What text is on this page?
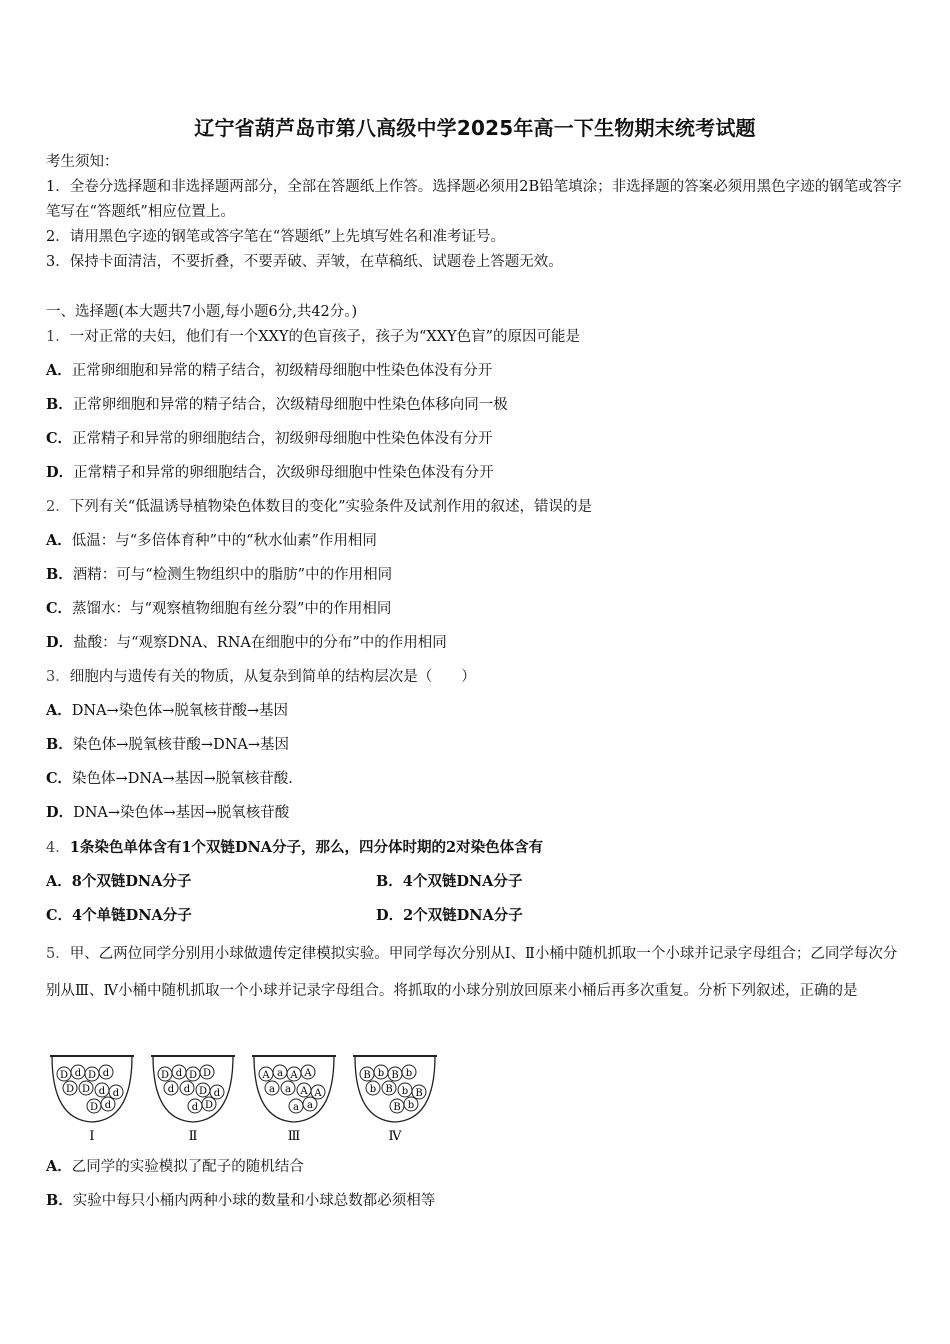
辽宁省葫芦岛市第八高级中学2025年高一下生物期末统考试题
考生须知：
1．全卷分选择题和非选择题两部分，全部在答题纸上作答。选择题必须用2B铅笔填涂；非选择题的答案必须用黑色字迹的钢笔或答字笔写在“答题纸”相应位置上。
2．请用黑色字迹的钢笔或答字笔在“答题纸”上先填写姓名和准考证号。
3．保持卡面清洁，不要折叠，不要弄破、弄皱，在草稿纸、试题卷上答题无效。
一、选择题(本大题共7小题,每小题6分,共42分。)
1．一对正常的夫妇，他们有一个XXY的色盲孩子，孩子为“XXY色盲”的原因可能是
A．正常卵细胞和异常的精子结合，初级精母细胞中性染色体没有分开
B．正常卵细胞和异常的精子结合，次级精母细胞中性染色体移向同一极
C．正常精子和异常的卵细胞结合，初级卵母细胞中性染色体没有分开
D．正常精子和异常的卵细胞结合，次级卵母细胞中性染色体没有分开
2．下列有关“低温诱导植物染色体数目的变化”实验条件及试剂作用的叙述，错误的是
A．低温：与“多倍体育种”中的“秋水仙素”作用相同
B．酒精：可与“检测生物组织中的脂肪”中的作用相同
C．蒸馏水：与“观察植物细胞有丝分裂”中的作用相同
D．盐酸：与“观察DNA、RNA在细胞中的分布”中的作用相同
3．细胞内与遗传有关的物质，从复杂到简单的结构层次是（　　）
A．DNA→染色体→脱氧核苷酸→基因
B．染色体→脱氧核苷酸→DNA→基因
C．染色体→DNA→基因→脱氧核苷酸.
D．DNA→染色体→基因→脱氧核苷酸
4．1条染色单体含有1个双链DNA分子，那么，四分体时期的2对染色体含有
A．8个双链DNA分子	B．4个双链DNA分子
C．4个单链DNA分子	D．2个双链DNA分子
5．甲、乙两位同学分别用小球做遗传定律模拟实验。甲同学每次分别从Ⅰ、Ⅱ小桶中随机抓取一个小球并记录字母组合；乙同学每次分别从Ⅲ、Ⅳ小桶中随机抓取一个小球并记录字母组合。将抓取的小球分别放回原来小桶后再多次重复。分析下列叙述，正确的是
D d D d
D D d d
D d
Ⅰ
D d D D
d d D d
d D
Ⅱ
A a A A
a a A A
a a
Ⅲ
B b B b
b B b B
B b
Ⅳ
A．乙同学的实验模拟了配子的随机结合
B．实验中每只小桶内两种小球的数量和小球总数都必须相等
